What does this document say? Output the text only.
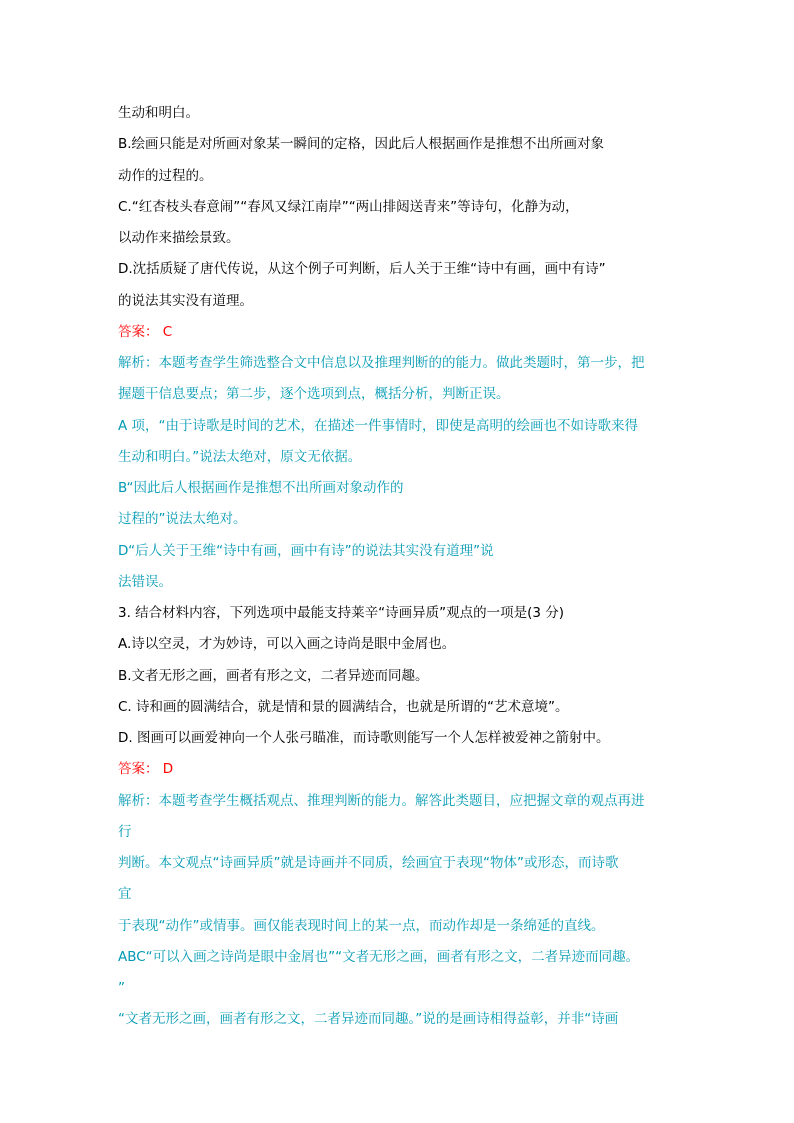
生动和明白。
B.绘画只能是对所画对象某一瞬间的定格，因此后人根据画作是推想不出所画对象
动作的过程的。
C.“红杏枝头春意闹”“春风又绿江南岸”“两山排闼送青来”等诗句，化静为动，
以动作来描绘景致。
D.沈括质疑了唐代传说，从这个例子可判断，后人关于王维“诗中有画，画中有诗”
的说法其实没有道理。
答案： C
解析：本题考查学生筛选整合文中信息以及推理判断的的能力。做此类题时，第一步，把
握题干信息要点；第二步，逐个选项到点，概括分析，判断正误。
A 项，“由于诗歌是时间的艺术，在描述一件事情时，即使是高明的绘画也不如诗歌来得
生动和明白。”说法太绝对，原文无依据。
B“因此后人根据画作是推想不出所画对象动作的
过程的”说法太绝对。
D“后人关于王维“诗中有画，画中有诗”的说法其实没有道理”说
法错误。
3. 结合材料内容，下列选项中最能支持莱辛“诗画异质”观点的一项是(3 分)
A.诗以空灵，才为妙诗，可以入画之诗尚是眼中金屑也。
B.文者无形之画，画者有形之文，二者异迹而同趣。
C. 诗和画的圆满结合，就是情和景的圆满结合，也就是所谓的“艺术意境”。
D. 图画可以画爱神向一个人张弓瞄准，而诗歌则能写一个人怎样被爱神之箭射中。
答案： D
解析：本题考查学生概括观点、推理判断的能力。解答此类题目，应把握文章的观点再进
行
判断。本文观点“诗画异质”就是诗画并不同质，绘画宜于表现“物体”或形态，而诗歌
宜
于表现“动作”或情事。画仅能表现时间上的某一点，而动作却是一条绵延的直线。
ABC“可以入画之诗尚是眼中金屑也”“文者无形之画，画者有形之文，二者异迹而同趣。
”
“文者无形之画，画者有形之文，二者异迹而同趣。”说的是画诗相得益彰，并非“诗画
